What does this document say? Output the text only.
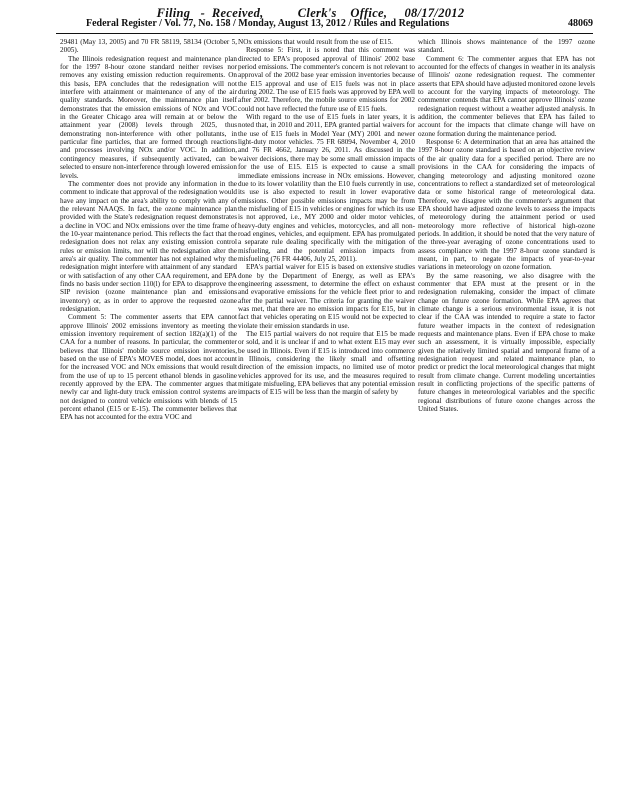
Filing   -  Received,          Clerk's    Office,     08/17/2012
Federal Register / Vol. 77, No. 158 / Monday, August 13, 2012 / Rules and Regulations	48069

29481 (May 13, 2005) and 70 FR 58119, 58134 (October 5, 2005).

The Illinois redesignation request and maintenance plan for the 1997 8-hour ozone standard neither revises nor removes any existing emission reduction requirements. On this basis, EPA concludes that the redesignation will not interfere with attainment or maintenance of any of the air quality standards. Moreover, the maintenance plan itself demonstrates that the emission emissions of NOx and VOC in the Greater Chicago area will remain at or below the attainment year (2008) levels through 2025, thus demonstrating non-interference with other pollutants, in particular fine particles, that are formed through reactions and processes involving NOx and/or VOC. In addition, contingency measures, if subsequently activated, can be selected to ensure non-interference through lowered emission levels.

The commenter does not provide any information in the comment to indicate that approval of the redesignation would have any impact on the area's ability to comply with any of the relevant NAAQS. In fact, the ozone maintenance plan provided with the State's redesignation request demonstrates a decline in VOC and NOx emissions over the time frame of the 10-year maintenance period. This reflects the fact that the redesignation does not relax any existing emission control rules or emission limits, nor will the redesignation alter the area's air quality. The commenter has not explained why the redesignation might interfere with attainment of any standard or with satisfaction of any other CAA requirement, and EPA finds no basis under section 110(l) for EPA to disapprove the SIP revision (ozone maintenance plan and emissions inventory) or, as in order to approve the requested ozone redesignation.

Comment 5: The commenter asserts that EPA cannot approve Illinois' 2002 emissions inventory as meeting the emission inventory requirement of section 182(a)(1) of the CAA for a number of reasons. In particular, the commenter believes that Illinois' mobile source emission inventories, based on the use of EPA's MOVES model, does not account for the increased VOC and NOx emissions that would result from the use of up to 15 percent ethanol blends in gasoline recently approved by the EPA. The commenter argues that newly car and light-duty truck emission control systems are not designed to control vehicle emissions with blends of 15 percent ethanol (E15 or E-15). The commenter believes that EPA has not accounted for the extra VOC and

NOx emissions that would result from the use of E15.

Response 5: First, it is noted that this comment was directed to EPA's proposed approval of Illinois' 2002 base period emissions. The commenter's concern is not relevant to approval of the 2002 base year emission inventories because the E15 approval and use of E15 fuels was not in place during 2002. The use of E15 fuels was approved by EPA well after 2002. Therefore, the mobile source emissions for 2002 could not have reflected the future use of E15 fuels.

With regard to the use of E15 fuels in later years, it is noted that, in 2010 and 2011, EPA granted partial waivers for the use of E15 fuels in Model Year (MY) 2001 and newer light-duty motor vehicles. 75 FR 68094, November 4, 2010 and 76 FR 4662, January 26, 2011. As discussed in the waiver decisions, there may be some small emission impacts for the use of E15. E15 is expected to cause a small immediate emissions increase in NOx emissions. However, due to its lower volatility than the E10 fuels currently in use, its use is also expected to result in lower evaporative emissions. Other possible emissions impacts may be from the misfueling of E15 in vehicles or engines for which its use is not approved, i.e., MY 2000 and older motor vehicles, heavy-duty engines and vehicles, motorcycles, and all non-road engines, vehicles, and equipment. EPA has promulgated a separate rule dealing specifically with the mitigation of misfueling, and the potential emission impacts from misfueling (76 FR 44406, July 25, 2011).

EPA's partial waiver for E15 is based on extensive studies done by the Department of Energy, as well as EPA's engineering assessment, to determine the effect on exhaust and evaporative emissions for the vehicle fleet prior to and after the partial waiver. The criteria for granting the waiver was met, that there are no emission impacts for E15, but in fact that vehicles operating on E15 would not be expected to violate their emission standards in use.

The E15 partial waivers do not require that E15 be made or sold, and it is unclear if and to what extent E15 may ever be used in Illinois. Even if E15 is introduced into commerce in Illinois, considering the likely small and offsetting direction of the emission impacts, no limited use of motor vehicles approved for its use, and the measures required to mitigate misfueling, EPA believes that any potential emission impacts of E15 will be less than the margin of safety by

which Illinois shows maintenance of the 1997 ozone standard.

Comment 6: The commenter argues that EPA has not accounted for the effects of changes in weather in its analysis of Illinois' ozone redesignation request. The commenter asserts that EPA should have adjusted monitored ozone levels to account for the varying impacts of meteorology. The commenter contends that EPA cannot approve Illinois' ozone redesignation request without a weather adjusted analysis. In addition, the commenter believes that EPA has failed to account for the impacts that climate change will have on ozone formation during the maintenance period.

Response 6: A determination that an area has attained the 1997 8-hour ozone standard is based on an objective review of the air quality data for a specified period. There are no provisions in the CAA for considering the impacts of changing meteorology and adjusting monitored ozone concentrations to reflect a standardized set of meteorological data or some historical range of meteorological data. Therefore, we disagree with the commenter's argument that EPA should have adjusted ozone levels to assess the impacts of meteorology during the attainment period or used meteorology more reflective of historical high-ozone periods. In addition, it should be noted that the very nature of the three-year averaging of ozone concentrations used to assess compliance with the 1997 8-hour ozone standard is meant, in part, to negate the impacts of year-to-year variations in meteorology on ozone formation.

By the same reasoning, we also disagree with the commenter that EPA must at the present or in the redesignation rulemaking, consider the impact of climate change on future ozone formation. While EPA agrees that climate change is a serious environmental issue, it is not clear if the CAA was intended to require a state to factor future weather impacts in the context of redesignation requests and maintenance plans. Even if EPA chose to make such an assessment, it is virtually impossible, especially given the relatively limited spatial and temporal frame of a redesignation request and related maintenance plan, to predict or predict the local meteorological changes that might result from climate change. Current modeling uncertainties result in conflicting projections of the specific patterns of future changes in meteorological variables and the specific regional distributions of future ozone changes across the United States.
